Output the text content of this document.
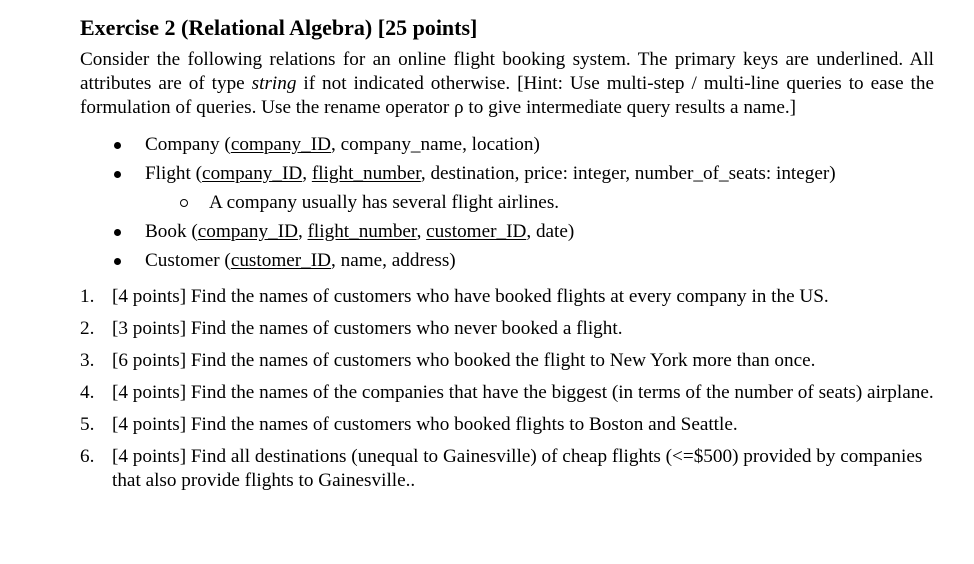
Exercise 2 (Relational Algebra) [25 points]

Consider the following relations for an online flight booking system. The primary keys are underlined. All attributes are of type string if not indicated otherwise. [Hint: Use multi-step / multi-line queries to ease the formulation of queries. Use the rename operator ρ to give intermediate query results a name.]

Company (company_ID, company_name, location)
Flight (company_ID, flight_number, destination, price: integer, number_of_seats: integer)
A company usually has several flight airlines.
Book (company_ID, flight_number, customer_ID, date)
Customer (customer_ID, name, address)
1. [4 points] Find the names of customers who have booked flights at every company in the US.
2. [3 points] Find the names of customers who never booked a flight.
3. [6 points] Find the names of customers who booked the flight to New York more than once.
4. [4 points] Find the names of the companies that have the biggest (in terms of the number of seats) airplane.
5. [4 points] Find the names of customers who booked flights to Boston and Seattle.
6. [4 points] Find all destinations (unequal to Gainesville) of cheap flights (<=$500) provided by companies that also provide flights to Gainesville..
